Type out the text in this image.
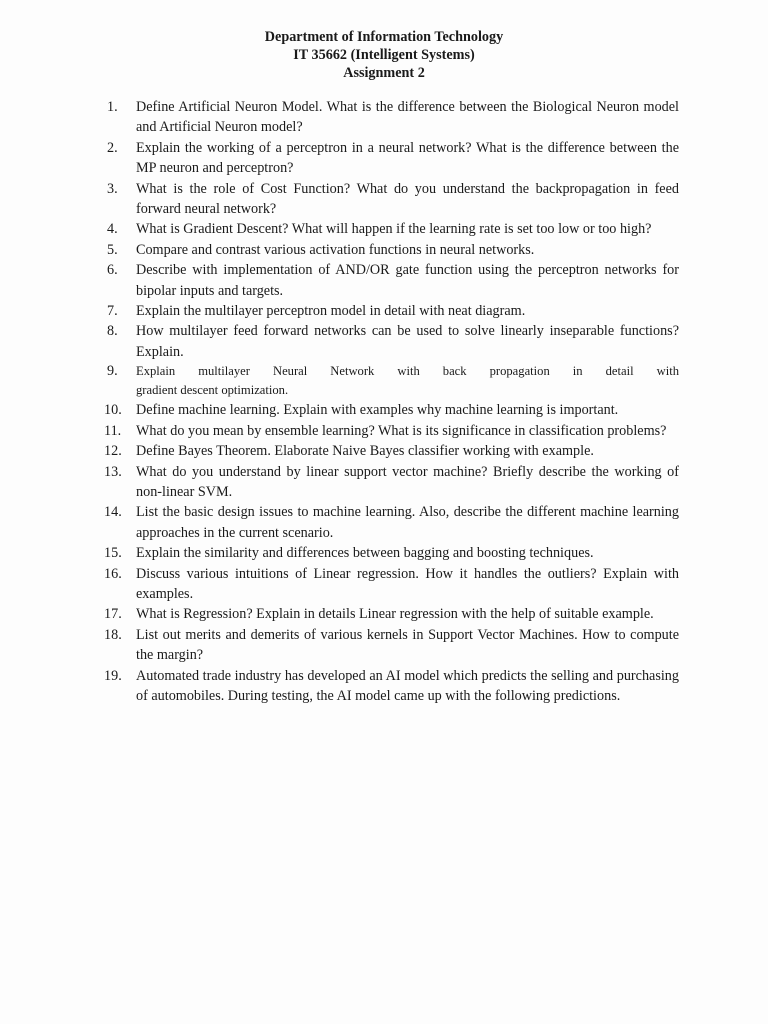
Department of Information Technology
IT 35662 (Intelligent Systems)
Assignment 2
1.	Define Artificial Neuron Model. What is the difference between the Biological Neuron model and Artificial Neuron model?
2.	Explain the working of a perceptron in a neural network? What is the difference between the MP neuron and perceptron?
3.	What is the role of Cost Function? What do you understand the backpropagation in feed forward neural network?
4.	What is Gradient Descent? What will happen if the learning rate is set too low or too high?
5.	Compare and contrast various activation functions in neural networks.
6.	Describe with implementation of AND/OR gate function using the perceptron networks for bipolar inputs and targets.
7.	Explain the multilayer perceptron model in detail with neat diagram.
8.	How multilayer feed forward networks can be used to solve linearly inseparable functions? Explain.
9.	Explain multilayer Neural Network with back propagation in detail with
gradient descent optimization.
10.	Define machine learning. Explain with examples why machine learning is important.
11.	What do you mean by ensemble learning? What is its significance in classification problems?
12.	Define Bayes Theorem. Elaborate Naive Bayes classifier working with example.
13.	What do you understand by linear support vector machine? Briefly describe the working of non-linear SVM.
14.	List the basic design issues to machine learning. Also, describe the different machine learning approaches in the current scenario.
15.	Explain the similarity and differences between bagging and boosting techniques.
16.	Discuss various intuitions of Linear regression. How it handles the outliers? Explain with examples.
17.	What is Regression? Explain in details Linear regression with the help of suitable example.
18.	List out merits and demerits of various kernels in Support Vector Machines. How to compute the margin?
19.	Automated trade industry has developed an AI model which predicts the selling and purchasing of automobiles. During testing, the AI model came up with the following predictions.
